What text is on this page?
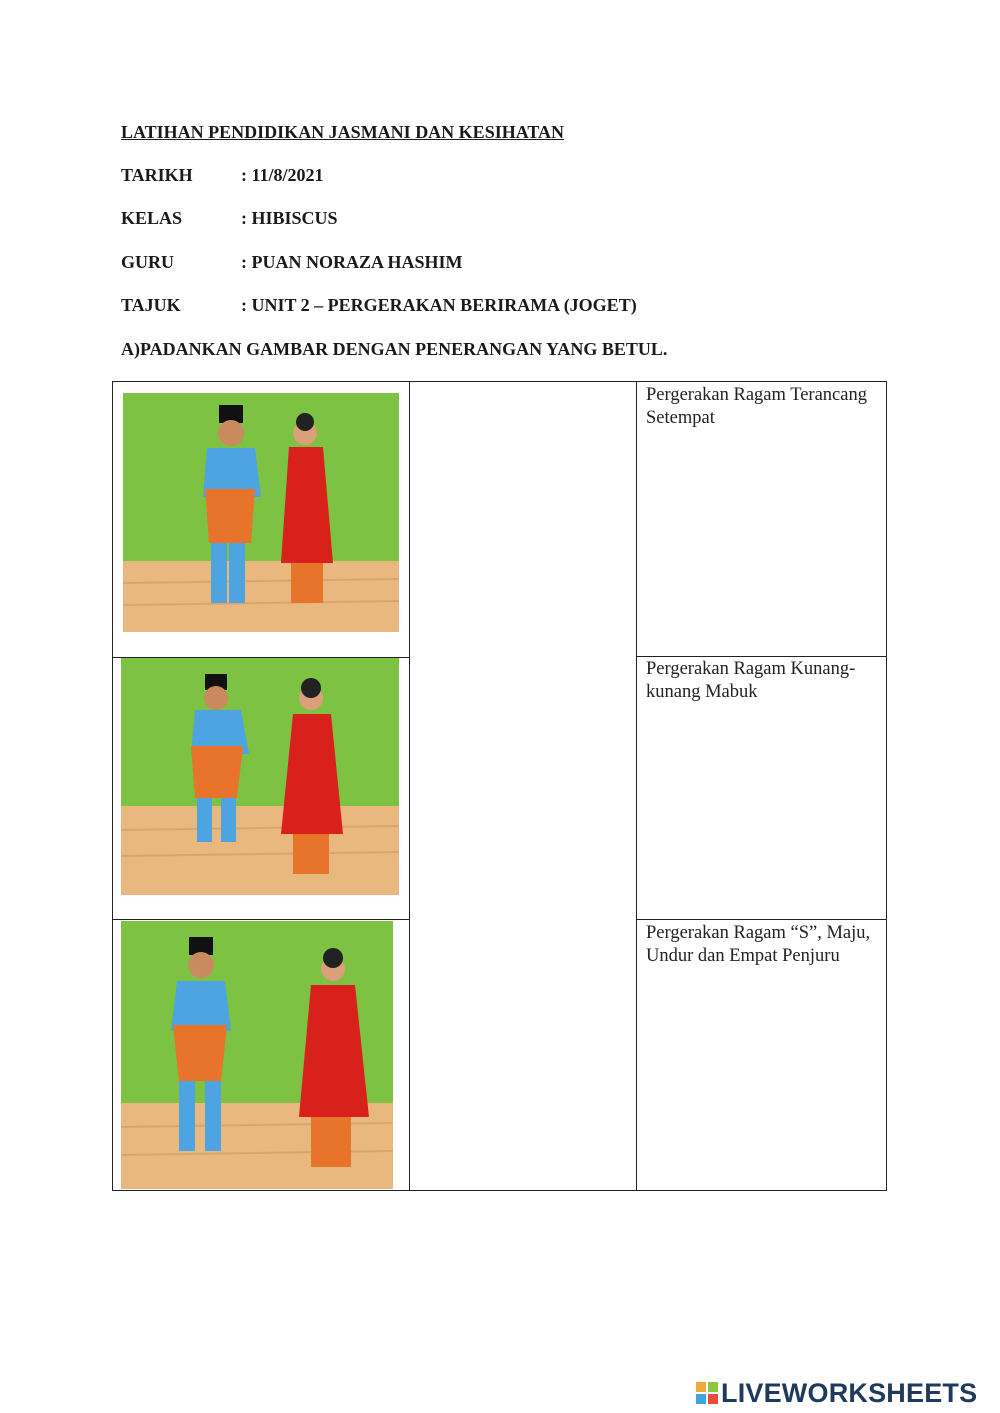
LATIHAN PENDIDIKAN JASMANI DAN KESIHATAN
TARIKH	: 11/8/2021
KELAS	: HIBISCUS
GURU	: PUAN NORAZA HASHIM
TAJUK	: UNIT 2 – PERGERAKAN BERIRAMA (JOGET)
A)PADANKAN GAMBAR DENGAN PENERANGAN YANG BETUL.
Pergerakan Ragam Terancang Setempat
Pergerakan Ragam Kunang-kunang Mabuk
Pergerakan Ragam “S”, Maju, Undur dan Empat Penjuru
LIVEWORKSHEETS
